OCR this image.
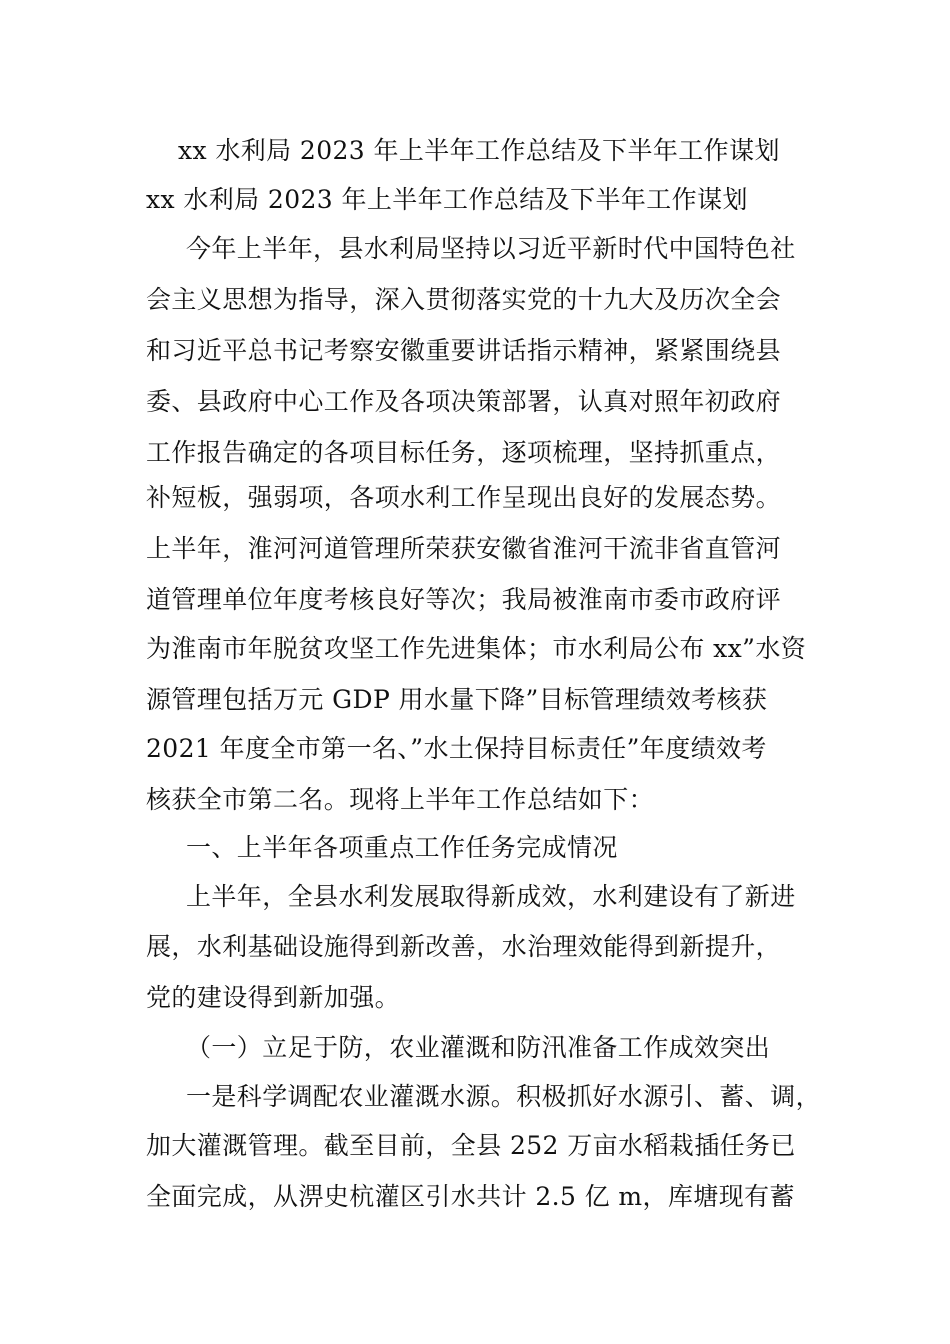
xx 水利局 2023 年上半年工作总结及下半年工作谋划
xx 水利局 2023 年上半年工作总结及下半年工作谋划
今年上半年，县水利局坚持以习近平新时代中国特色社
会主义思想为指导，深入贯彻落实党的十九大及历次全会
和习近平总书记考察安徽重要讲话指示精神，紧紧围绕县
委、县政府中心工作及各项决策部署，认真对照年初政府
工作报告确定的各项目标任务，逐项梳理，坚持抓重点，
补短板，强弱项，各项水利工作呈现出良好的发展态势。
上半年，淮河河道管理所荣获安徽省淮河干流非省直管河
道管理单位年度考核良好等次；我局被淮南市委市政府评
为淮南市年脱贫攻坚工作先进集体；市水利局公布 xx”水资
源管理包括万元 GDP 用水量下降”目标管理绩效考核获
2021 年度全市第一名、”水土保持目标责任”年度绩效考
核获全市第二名。现将上半年工作总结如下：
一、上半年各项重点工作任务完成情况
上半年，全县水利发展取得新成效，水利建设有了新进
展，水利基础设施得到新改善，水治理效能得到新提升，
党的建设得到新加强。
（一）立足于防，农业灌溉和防汛准备工作成效突出
一是科学调配农业灌溉水源。积极抓好水源引、蓄、调，
加大灌溉管理。截至目前，全县 252 万亩水稻栽插任务已
全面完成，从淠史杭灌区引水共计 2.5 亿 m，库塘现有蓄
